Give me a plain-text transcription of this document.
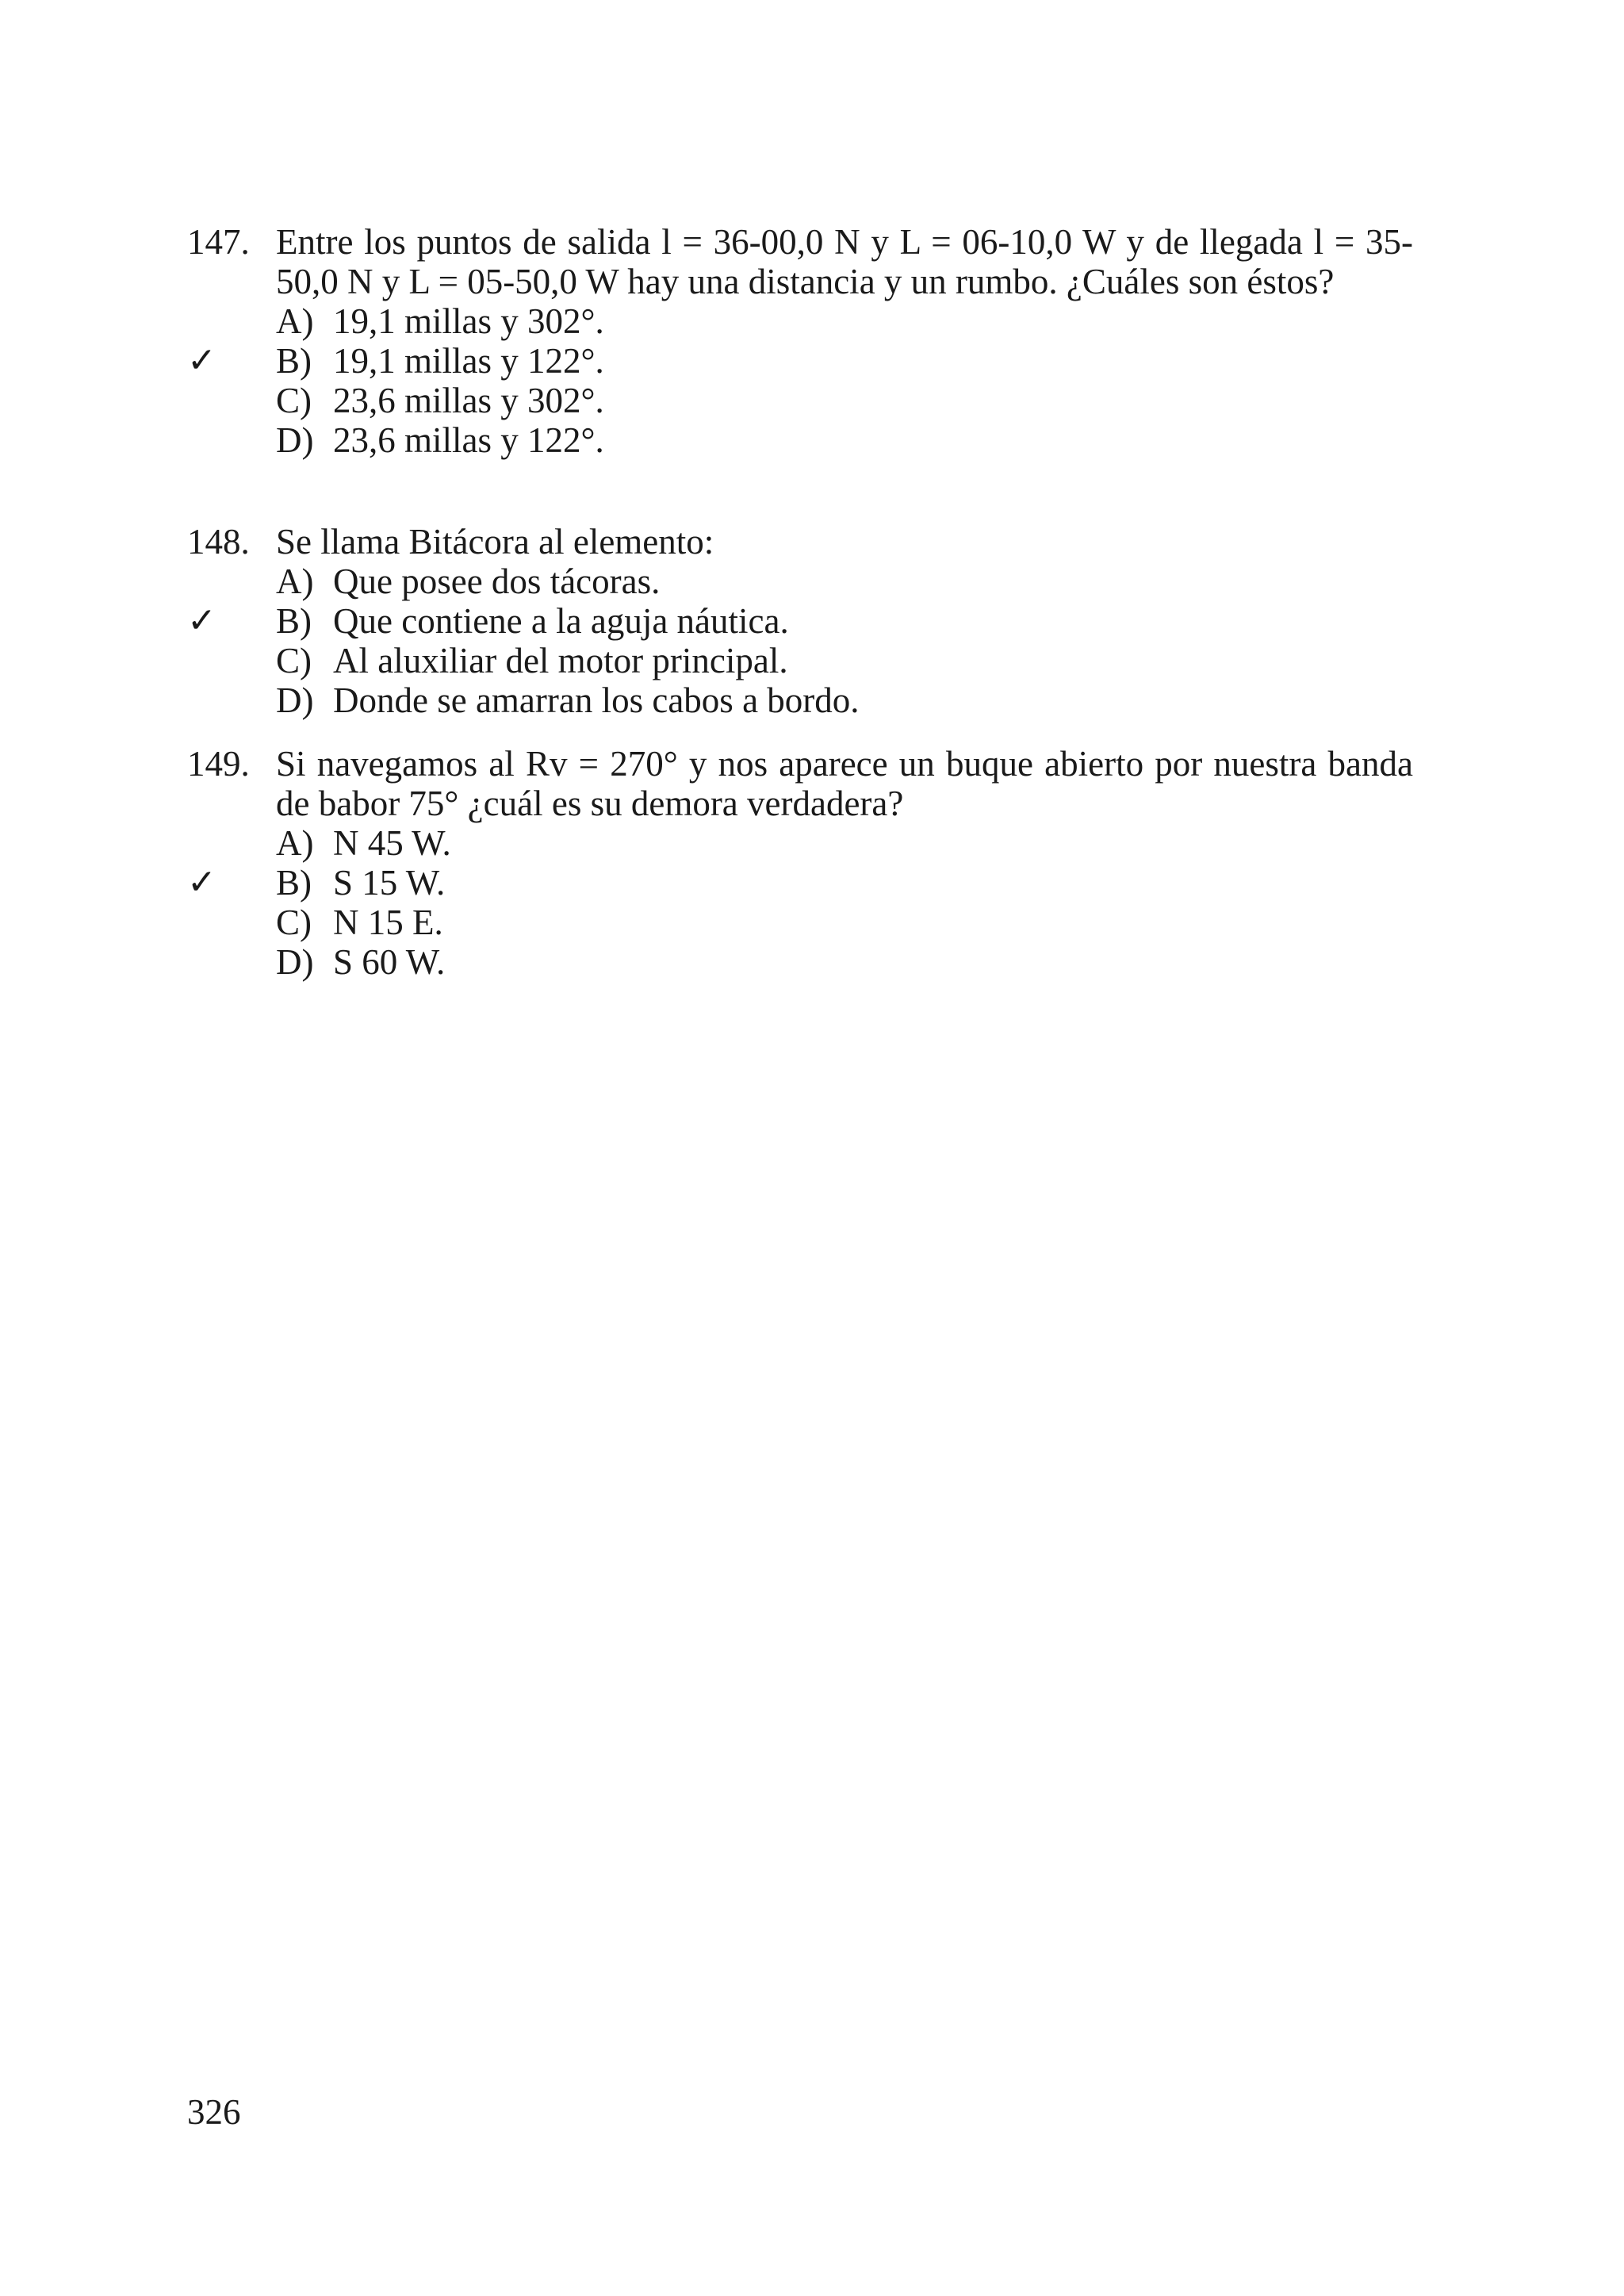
147. Entre los puntos de salida l = 36-00,0 N y L = 06-10,0 W y de llegada l = 35-50,0 N y L = 05-50,0 W hay una distancia y un rumbo. ¿Cuáles son éstos?
A) 19,1 millas y 302°.
✓ B) 19,1 millas y 122°.
C) 23,6 millas y 302°.
D) 23,6 millas y 122°.
148. Se llama Bitácora al elemento:
A) Que posee dos tácoras.
✓ B) Que contiene a la aguja náutica.
C) Al aluxiliar del motor principal.
D) Donde se amarran los cabos a bordo.
149. Si navegamos al Rv = 270° y nos aparece un buque abierto por nuestra banda de babor 75° ¿cuál es su demora verdadera?
A) N 45 W.
✓ B) S 15 W.
C) N 15 E.
D) S 60 W.
326
